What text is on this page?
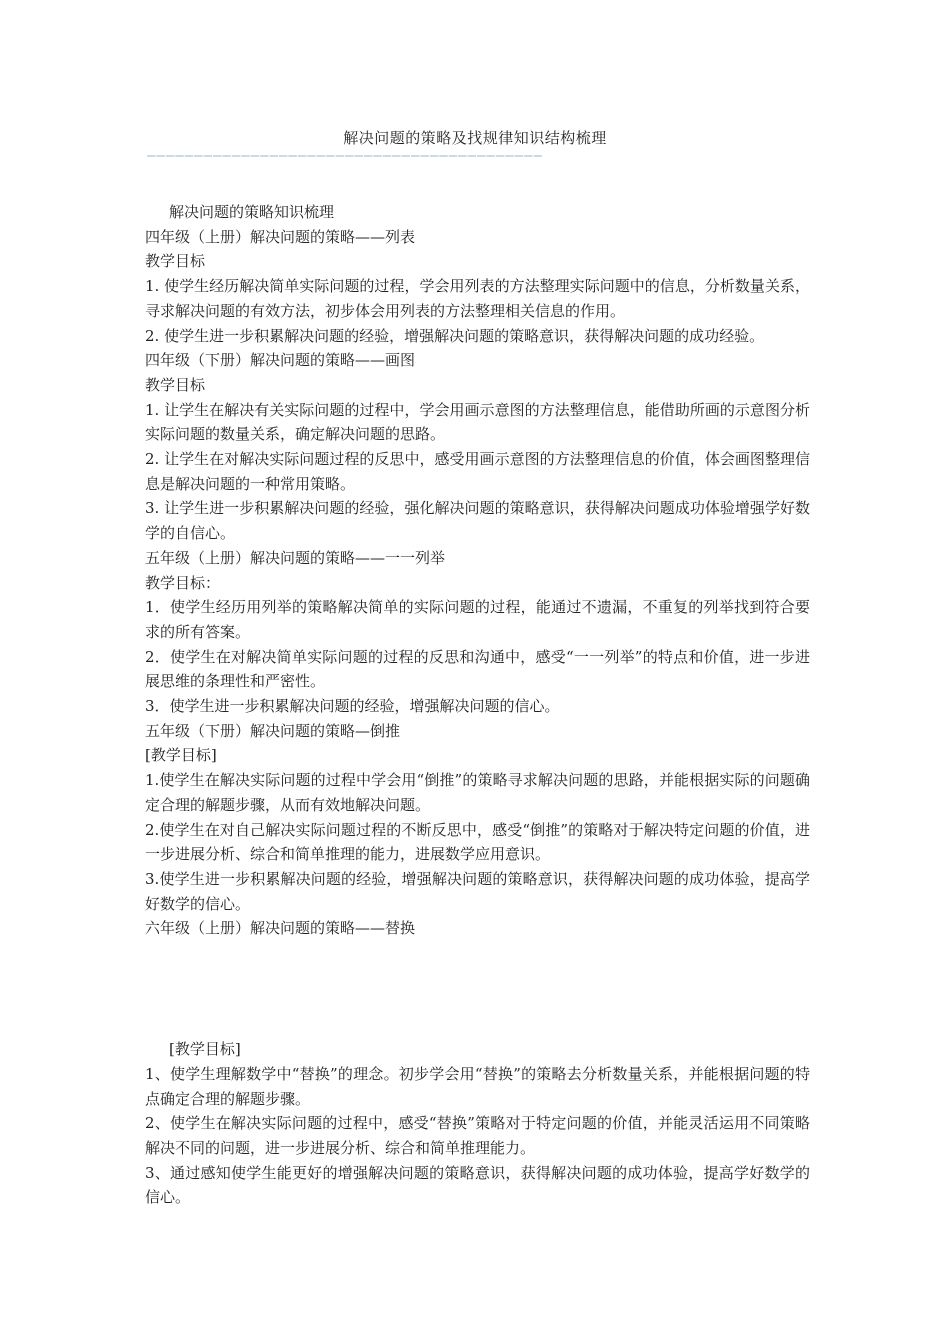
解决问题的策略及找规律知识结构梳理
——————————————————————————————————————————
解决问题的策略知识梳理
四年级（上册）解决问题的策略——列表
教学目标
1. 使学生经历解决简单实际问题的过程，学会用列表的方法整理实际问题中的信息，分析数量关系，寻求解决问题的有效方法，初步体会用列表的方法整理相关信息的作用。
2. 使学生进一步积累解决问题的经验，增强解决问题的策略意识，获得解决问题的成功经验。
四年级（下册）解决问题的策略——画图
教学目标
1. 让学生在解决有关实际问题的过程中，学会用画示意图的方法整理信息，能借助所画的示意图分析实际问题的数量关系，确定解决问题的思路。
2. 让学生在对解决实际问题过程的反思中，感受用画示意图的方法整理信息的价值，体会画图整理信息是解决问题的一种常用策略。
3. 让学生进一步积累解决问题的经验，强化解决问题的策略意识，获得解决问题成功体验增强学好数学的自信心。
五年级（上册）解决问题的策略——一一列举
教学目标：
1．使学生经历用列举的策略解决简单的实际问题的过程，能通过不遗漏，不重复的列举找到符合要求的所有答案。
2．使学生在对解决简单实际问题的过程的反思和沟通中，感受“一一列举”的特点和价值，进一步进展思维的条理性和严密性。
3．使学生进一步积累解决问题的经验，增强解决问题的信心。
五年级（下册）解决问题的策略—倒推
[教学目标]
1.使学生在解决实际问题的过程中学会用“倒推”的策略寻求解决问题的思路，并能根据实际的问题确定合理的解题步骤，从而有效地解决问题。
2.使学生在对自己解决实际问题过程的不断反思中，感受“倒推”的策略对于解决特定问题的价值，进一步进展分析、综合和简单推理的能力，进展数学应用意识。
3.使学生进一步积累解决问题的经验，增强解决问题的策略意识，获得解决问题的成功体验，提高学好数学的信心。
六年级（上册）解决问题的策略——替换
[教学目标]
1、使学生理解数学中“替换”的理念。初步学会用“替换”的策略去分析数量关系，并能根据问题的特点确定合理的解题步骤。
2、使学生在解决实际问题的过程中，感受“替换”策略对于特定问题的价值，并能灵活运用不同策略解决不同的问题，进一步进展分析、综合和简单推理能力。
3、通过感知使学生能更好的增强解决问题的策略意识，获得解决问题的成功体验，提高学好数学的信心。
